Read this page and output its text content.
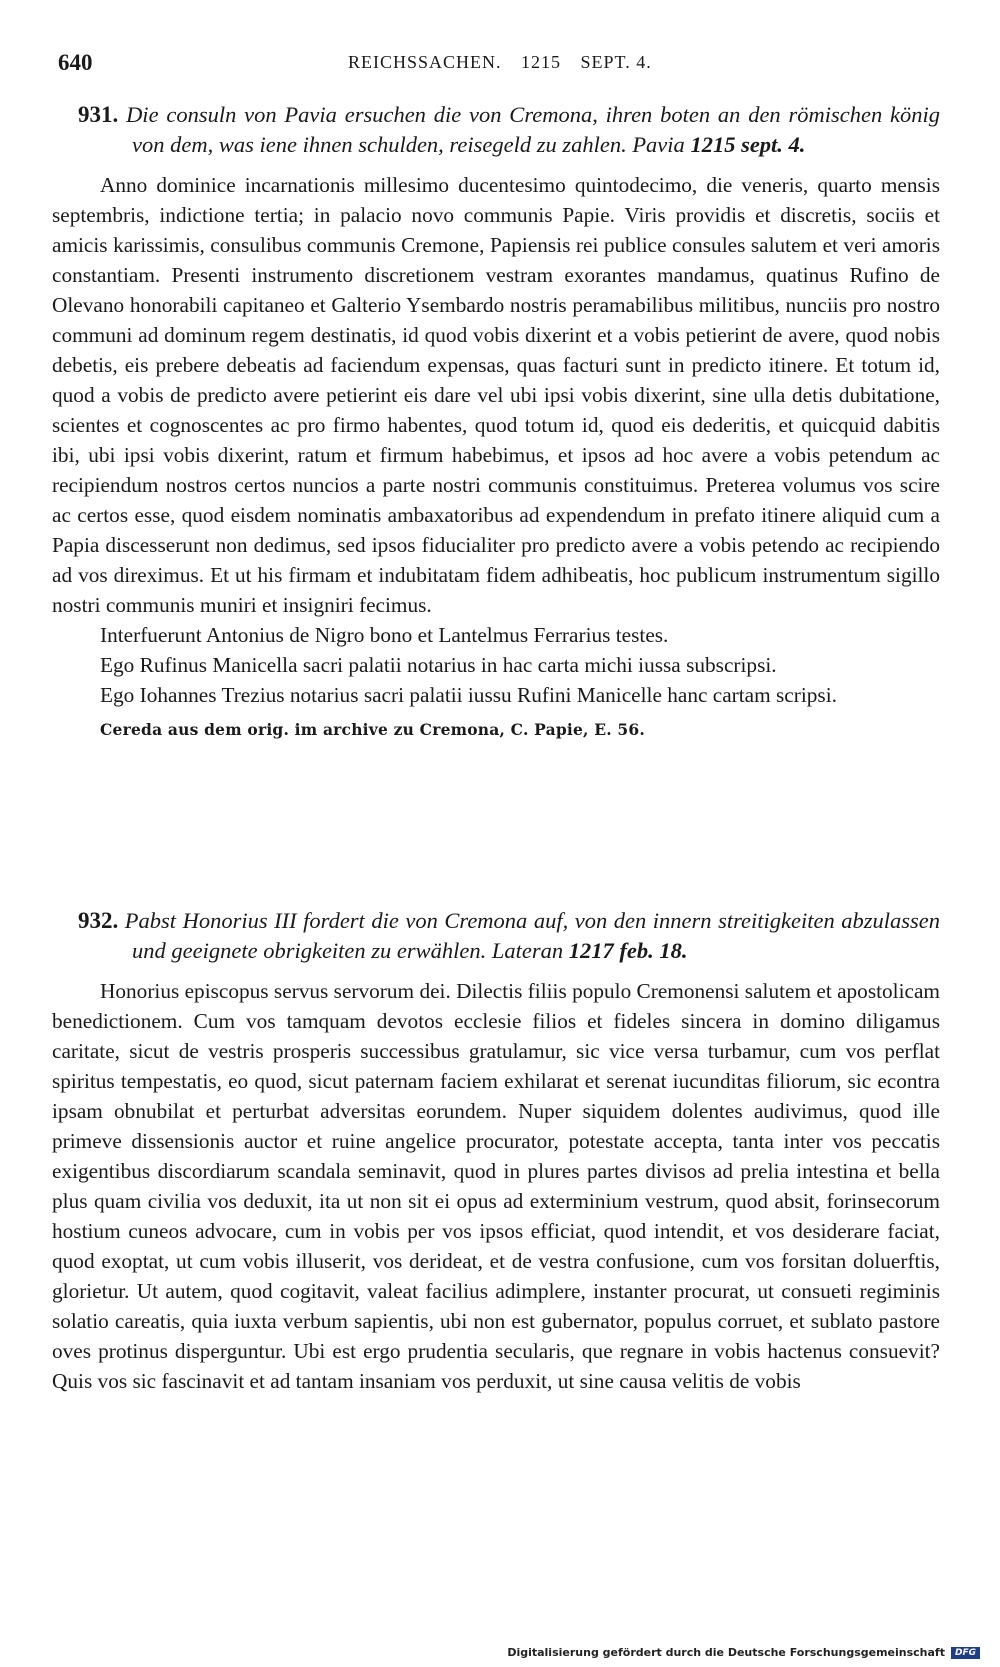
640	REICHSSACHEN. 1215 SEPT. 4.
931. Die consuln von Pavia ersuchen die von Cremona, ihren boten an den römischen könig von dem, was iene ihnen schulden, reisegeld zu zahlen. Pavia 1215 sept. 4.

Anno dominice incarnationis millesimo ducentesimo quintodecimo, die veneris, quarto mensis septembris, indictione tertia; in palacio novo communis Papie. Viris providis et discretis, sociis et amicis karissimis, consulibus communis Cremone, Papiensis rei publice consules salutem et veri amoris constantiam. Presenti instrumento discretionem vestram exorantes mandamus, quatinus Rufino de Olevano honorabili capitaneo et Galterio Ysembardo nostris peramabilibus militibus, nunciis pro nostro communi ad dominum regem destinatis, id quod vobis dixerint et a vobis petierint de avere, quod nobis debetis, eis prebere debeatis ad faciendum expensas, quas facturi sunt in predicto itinere. Et totum id, quod a vobis de predicto avere petierint eis dare vel ubi ipsi vobis dixerint, sine ulla detis dubitatione, scientes et cognoscentes ac pro firmo habentes, quod totum id, quod eis dederitis, et quicquid dabitis ibi, ubi ipsi vobis dixerint, ratum et firmum habebimus, et ipsos ad hoc avere a vobis petendum ac recipiendum nostros certos nuncios a parte nostri communis constituimus. Preterea volumus vos scire ac certos esse, quod eisdem nominatis ambaxatoribus ad expendendum in prefato itinere aliquid cum a Papia discesserunt non dedimus, sed ipsos fiducialiter pro predicto avere a vobis petendo ac recipiendo ad vos direximus. Et ut his firmam et indubitatam fidem adhibeatis, hoc publicum instrumentum sigillo nostri communis muniri et insigniri fecimus.

Interfuerunt Antonius de Nigro bono et Lantelmus Ferrarius testes.

Ego Rufinus Manicella sacri palatii notarius in hac carta michi iussa subscripsi.

Ego Iohannes Trezius notarius sacri palatii iussu Rufini Manicelle hanc cartam scripsi.

Cereda aus dem orig. im archive zu Cremona, C. Papie, E. 56.
932. Pabst Honorius III fordert die von Cremona auf, von den innern streitigkeiten abzulassen und geeignete obrigkeiten zu erwählen. Lateran 1217 feb. 18.

Honorius episcopus servus servorum dei. Dilectis filiis populo Cremonensi salutem et apostolicam benedictionem. Cum vos tamquam devotos ecclesie filios et fideles sincera in domino diligamus caritate, sicut de vestris prosperis successibus gratulamur, sic vice versa turbamur, cum vos perflat spiritus tempestatis, eo quod, sicut paternam faciem exhilarat et serenat iucunditas filiorum, sic econtra ipsam obnubilat et perturbat adversitas eorundem. Nuper siquidem dolentes audivimus, quod ille primeve dissensionis auctor et ruine angelice procurator, potestate accepta, tanta inter vos peccatis exigentibus discordiarum scandala seminavit, quod in plures partes divisos ad prelia intestina et bella plus quam civilia vos deduxit, ita ut non sit ei opus ad exterminium vestrum, quod absit, forinsecorum hostium cuneos advocare, cum in vobis per vos ipsos efficiat, quod intendit, et vos desiderare faciat, quod exoptat, ut cum vobis illuserit, vos derideat, et de vestra confusione, cum vos forsitan doluerftis, glorietur. Ut autem, quod cogitavit, valeat facilius adimplere, instanter procurat, ut consueti regiminis solatio careatis, quia iuxta verbum sapientis, ubi non est gubernator, populus corruet, et sublato pastore oves protinus disperguntur. Ubi est ergo prudentia secularis, que regnare in vobis hactenus consuevit? Quis vos sic fascinavit et ad tantam insaniam vos perduxit, ut sine causa velitis de vobis

Digitalisierung gefördert durch die Deutsche Forschungsgemeinschaft	DFG
